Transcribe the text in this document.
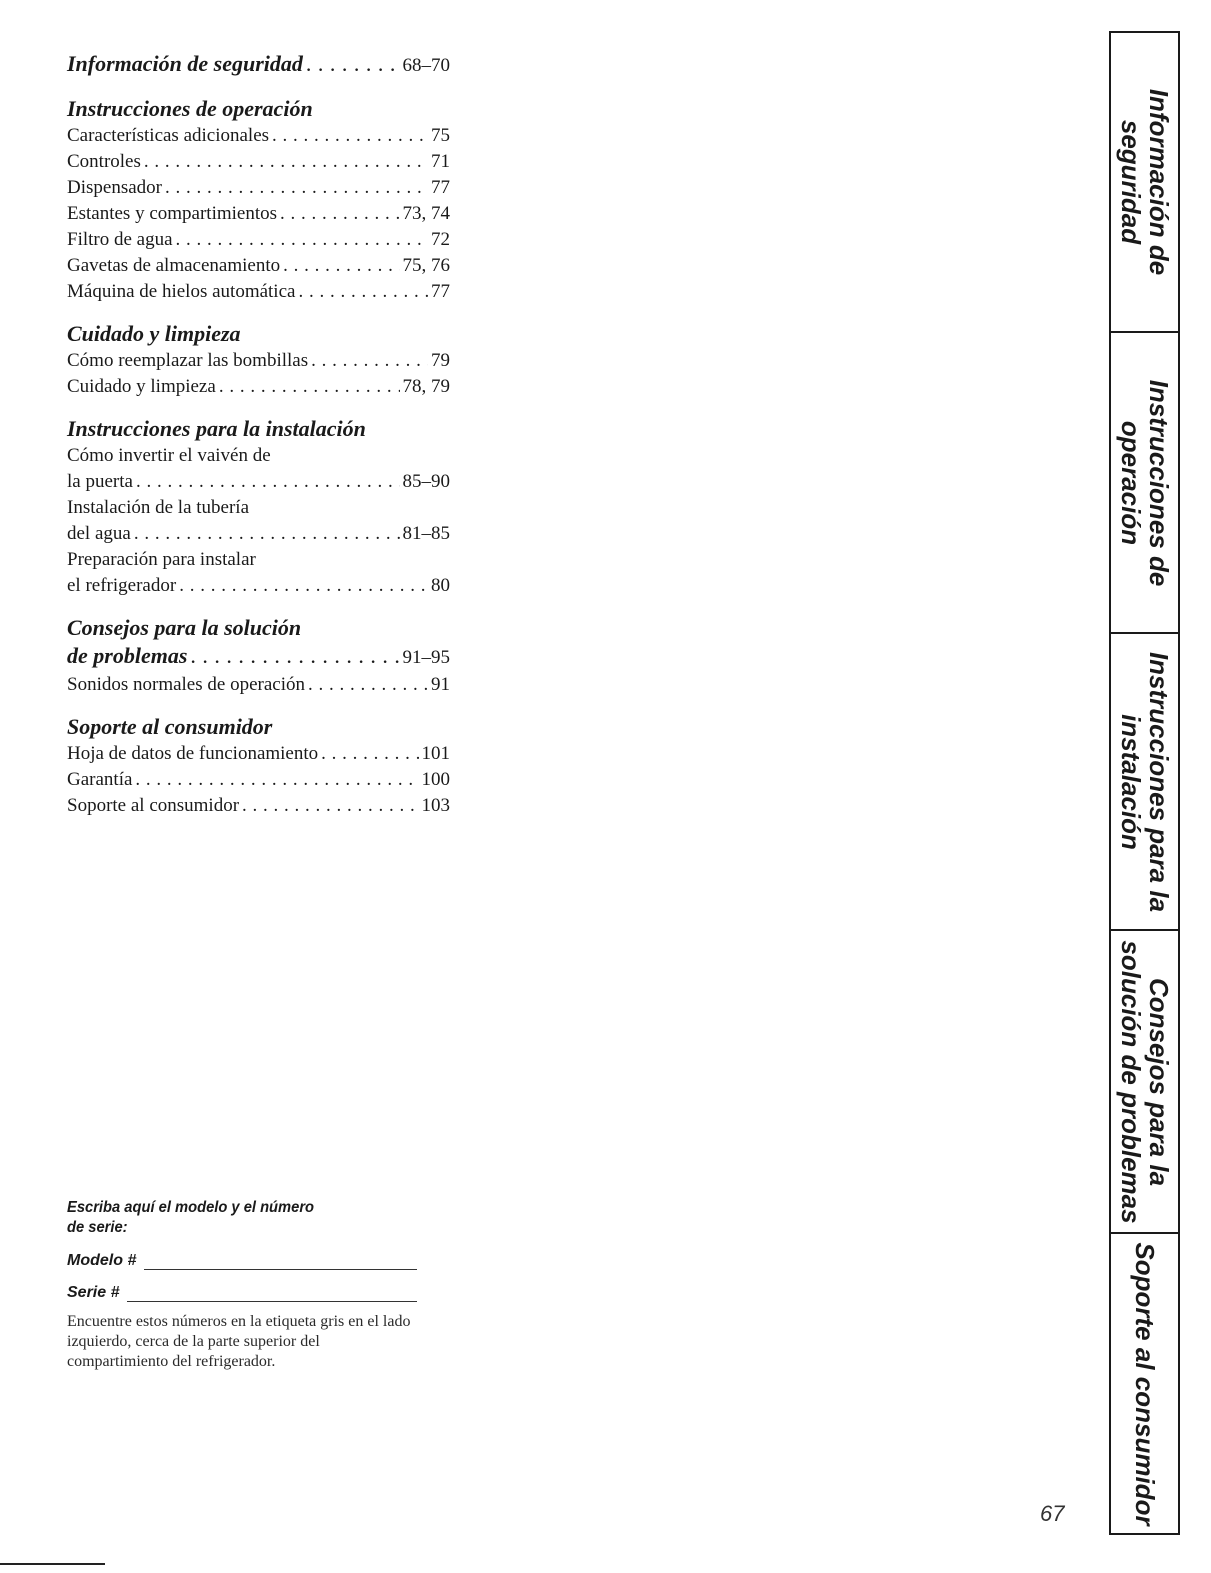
Información de seguridad . . .	68–70
Instrucciones de operación
Características adicionales . . .	75
Controles . . .	71
Dispensador . . .	77
Estantes y compartimientos . . .	73, 74
Filtro de agua . . .	72
Gavetas de almacenamiento . . .	75, 76
Máquina de hielos automática . . .	77
Cuidado y limpieza
Cómo reemplazar las bombillas . . .	79
Cuidado y limpieza . . .	78, 79
Instrucciones para la instalación
Cómo invertir el vaivén de
la puerta . . .	85–90
Instalación de la tubería
del agua . . .	81–85
Preparación para instalar
el refrigerador . . .	80
Consejos para la solución
de problemas . . .	91–95
Sonidos normales de operación . . .	91
Soporte al consumidor
Hoja de datos de funcionamiento . . .	101
Garantía . . .	100
Soporte al consumidor . . .	103
Escriba aquí el modelo y el número
de serie:
Modelo #
Serie #
Encuentre estos números en la etiqueta gris en el lado izquierdo, cerca de la parte superior del compartimiento del refrigerador.
67
Información de
seguridad
Instrucciones de
operación
Instrucciones para la
instalación
Consejos para la
solución de problemas
Soporte al consumidor
